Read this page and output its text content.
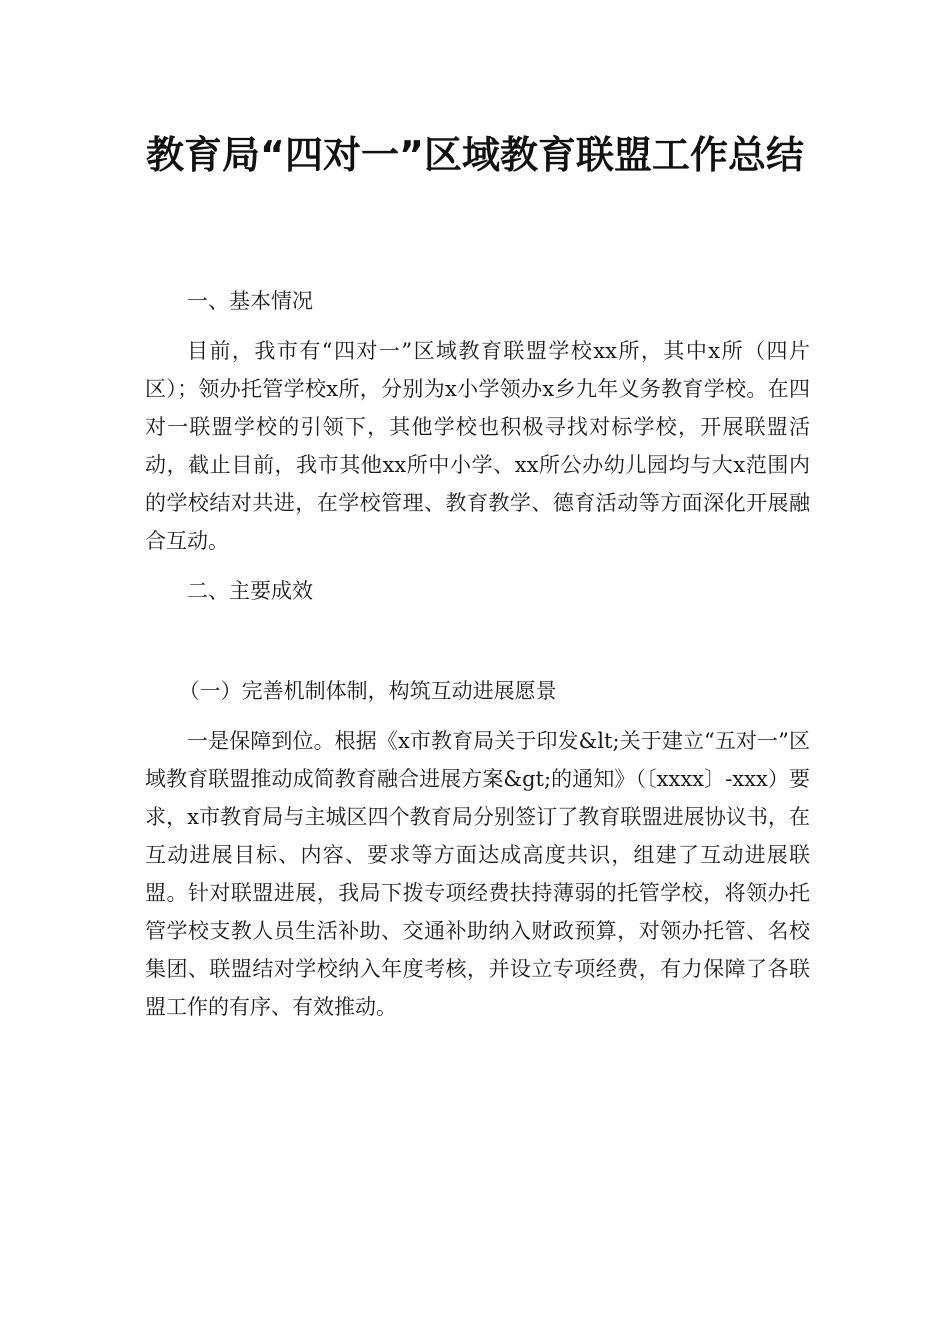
教育局“四对一”区域教育联盟工作总结

一、基本情况

目前，我市有“四对一”区域教育联盟学校xx所，其中x所（四片区）；领办托管学校x所，分别为x小学领办x乡九年义务教育学校。在四对一联盟学校的引领下，其他学校也积极寻找对标学校，开展联盟活动，截止目前，我市其他xx所中小学、xx所公办幼儿园均与大x范围内的学校结对共进，在学校管理、教育教学、德育活动等方面深化开展融合互动。

二、主要成效

（一）完善机制体制，构筑互动进展愿景

一是保障到位。根据《x市教育局关于印发&lt;关于建立“五对一”区域教育联盟推动成简教育融合进展方案&gt;的通知》（〔xxxx〕-xxx）要求，x市教育局与主城区四个教育局分别签订了教育联盟进展协议书，在互动进展目标、内容、要求等方面达成高度共识，组建了互动进展联盟。针对联盟进展，我局下拨专项经费扶持薄弱的托管学校，将领办托管学校支教人员生活补助、交通补助纳入财政预算，对领办托管、名校集团、联盟结对学校纳入年度考核，并设立专项经费，有力保障了各联盟工作的有序、有效推动。
